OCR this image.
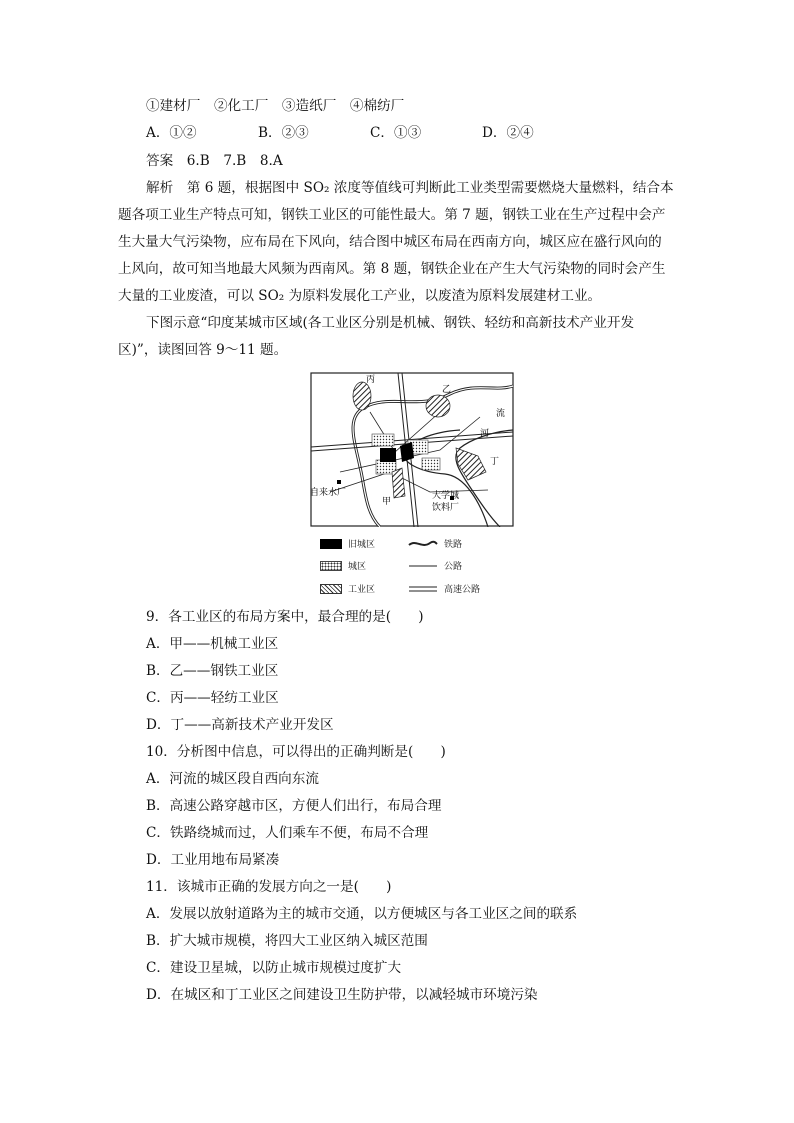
①建材厂　②化工厂　③造纸厂　④棉纺厂
A．①②	B．②③	C．①③	D．②④
答案　6.B　7.B　8.A
解析　第 6 题，根据图中 SO₂ 浓度等值线可判断此工业类型需要燃烧大量燃料，结合本
题各项工业生产特点可知，钢铁工业区的可能性最大。第 7 题，钢铁工业在生产过程中会产
生大量大气污染物，应布局在下风向，结合图中城区布局在西南方向，城区应在盛行风向的
上风向，故可知当地最大风频为西南风。第 8 题，钢铁企业在产生大气污染物的同时会产生
大量的工业废渣，可以 SO₂ 为原料发展化工产业，以废渣为原料发展建材工业。
下图示意“印度某城市区域(各工业区分别是机械、钢铁、轻纺和高新技术产业开发
区)”，读图回答 9～11 题。
丙
乙
流
河
丁
甲
自来水厂	大学城
饮料厂
旧城区	铁路
城区	公路
工业区	高速公路
9．各工业区的布局方案中，最合理的是(　　)
A．甲——机械工业区
B．乙——钢铁工业区
C．丙——轻纺工业区
D．丁——高新技术产业开发区
10．分析图中信息，可以得出的正确判断是(　　)
A．河流的城区段自西向东流
B．高速公路穿越市区，方便人们出行，布局合理
C．铁路绕城而过，人们乘车不便，布局不合理
D．工业用地布局紧凑
11．该城市正确的发展方向之一是(　　)
A．发展以放射道路为主的城市交通，以方便城区与各工业区之间的联系
B．扩大城市规模，将四大工业区纳入城区范围
C．建设卫星城，以防止城市规模过度扩大
D．在城区和丁工业区之间建设卫生防护带，以减轻城市环境污染
